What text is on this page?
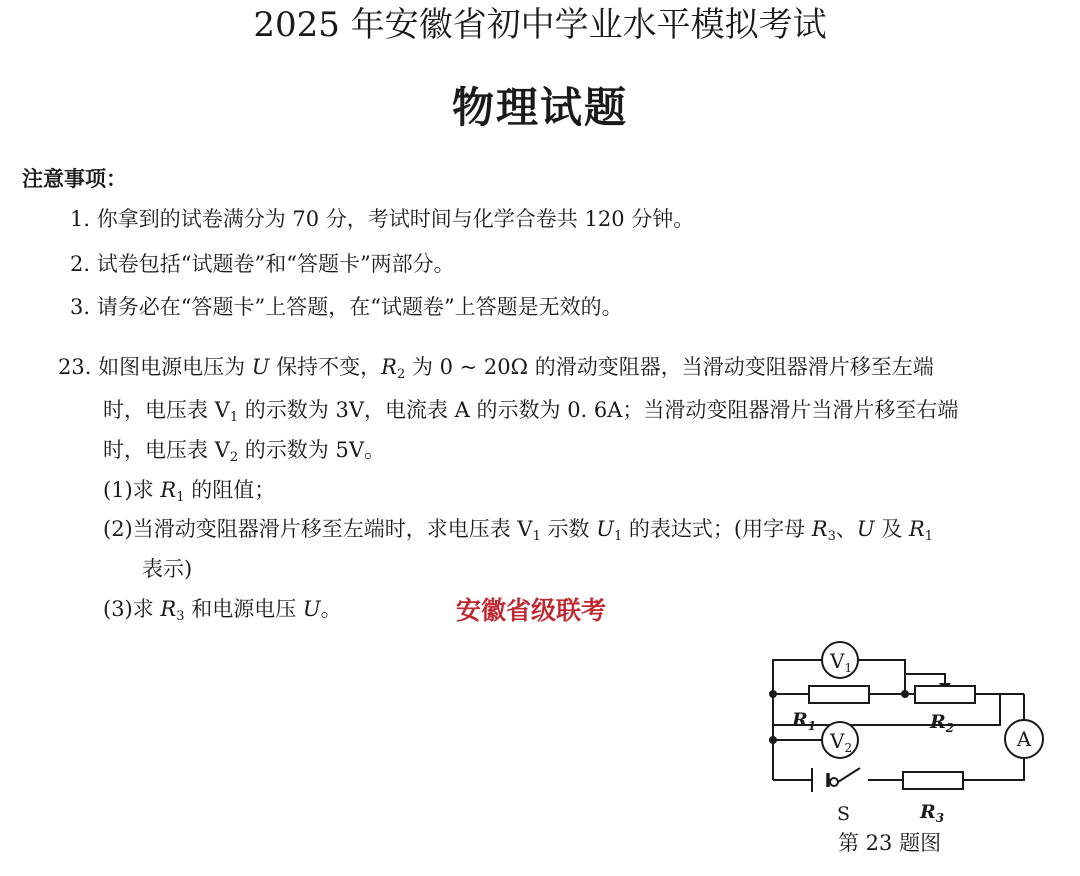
2025 年安徽省初中学业水平模拟考试
物理试题
注意事项：
1. 你拿到的试卷满分为 70 分，考试时间与化学合卷共 120 分钟。
2. 试卷包括“试题卷”和“答题卡”两部分。
3. 请务必在“答题卡”上答题，在“试题卷”上答题是无效的。
23. 如图电源电压为 U 保持不变，$R_2$ 为 0 ~ 20Ω 的滑动变阻器，当滑动变阻器滑片移至左端
时，电压表 $V_1$ 的示数为 3V，电流表 A 的示数为 0. 6A；当滑动变阻器滑片当滑片移至右端
时，电压表 $V_2$ 的示数为 5V。
(1)求 $R_1$ 的阻值；
(2)当滑动变阻器滑片移至左端时，求电压表 $V_1$ 示数 $U_1$ 的表达式；(用字母 $R_3$、U 及 $R_1$
表示)
(3)求 $R_3$ 和电源电压 U。	安徽省级联考
$V_1$
$V_2$	A
$R_1$	$R_2$
$R_3$
S
第 23 题图
